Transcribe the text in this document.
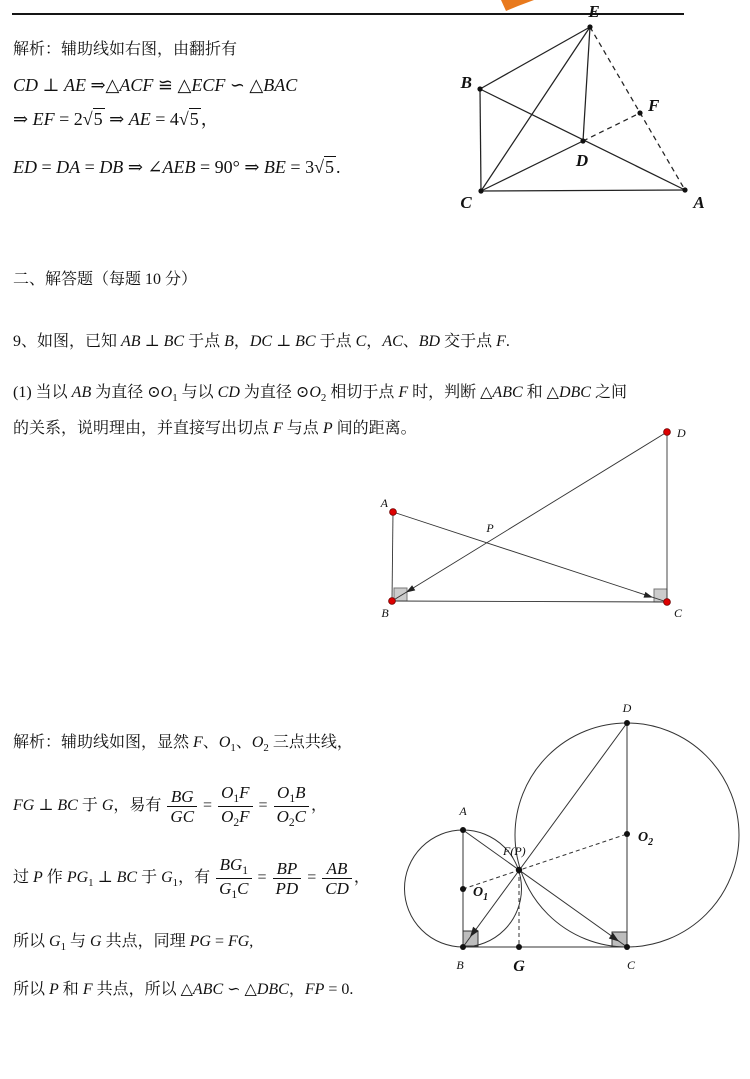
解析：辅助线如右图，由翻折有
CD ⊥ AE ⇒△ACF ≌ △ECF ∽ △BAC
⇒ EF = 2√5 ⇒ AE = 4√5 ，
ED = DA = DB ⇒ ∠AEB = 90° ⇒ BE = 3√5 .
E
B
F
D
C	A
二、解答题（每题 10 分）
9、如图，已知 AB ⊥ BC 于点 B，DC ⊥ BC 于点 C，AC、BD 交于点 F.
(1) 当以 AB 为直径 $⊙O_1$ 与以 CD 为直径 $⊙O_2$ 相切于点 F 时，判断 △ABC 和 △DBC 之间
的关系，说明理由，并直接写出切点 F 与点 P 间的距离。
A
B	C
D
P
解析：辅助线如图，显然 F、$O_1$、$O_2$ 三点共线，
FG ⊥ BC 于 G，易有 $\frac{BG}{GC} = \frac{O_1F}{O_2F} = \frac{O_1B}{O_2C}$ ，
过 P 作 $PG_1$ ⊥ BC 于 $G_1$，有 $\frac{BG_1}{G_1C} = \frac{BP}{PD} = \frac{AB}{CD}$ ，
所以 $G_1$ 与 G 共点，同理 PG = FG,
所以 P 和 F 共点，所以 △ABC ∽ △DBC，FP = 0.
D
A
$O_2$
F(P)
$O_1$
B	G	C
